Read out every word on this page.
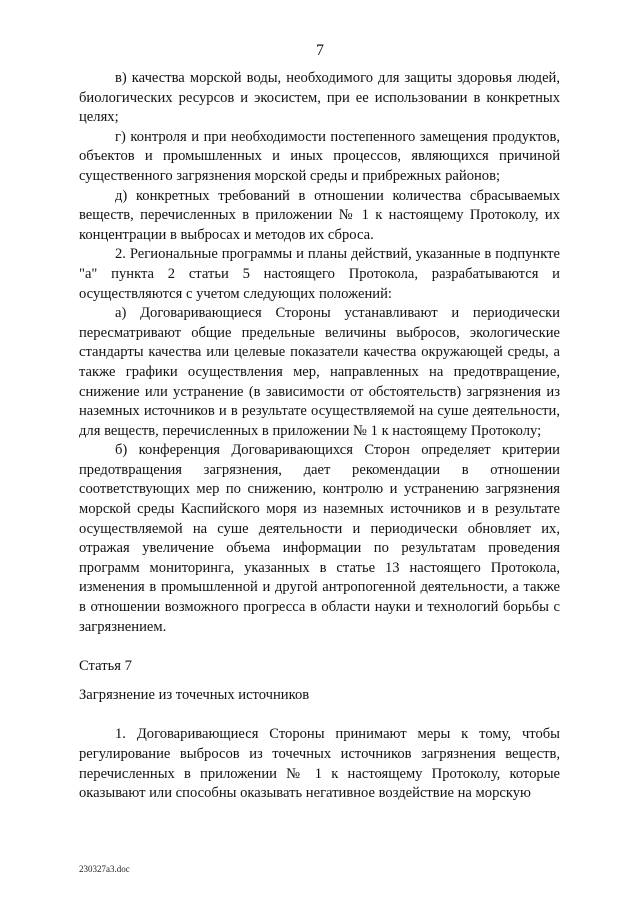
7

в) качества морской воды, необходимого для защиты здоровья людей, биологических ресурсов и экосистем, при ее использовании в конкретных целях;

г) контроля и при необходимости постепенного замещения продуктов, объектов и промышленных и иных процессов, являющихся причиной существенного загрязнения морской среды и прибрежных районов;

д) конкретных требований в отношении количества сбрасываемых веществ, перечисленных в приложении № 1 к настоящему Протоколу, их концентрации в выбросах и методов их сброса.

2. Региональные программы и планы действий, указанные в подпункте "а" пункта 2 статьи 5 настоящего Протокола, разрабатываются и осуществляются с учетом следующих положений:

а) Договаривающиеся Стороны устанавливают и периодически пересматривают общие предельные величины выбросов, экологические стандарты качества или целевые показатели качества окружающей среды, а также графики осуществления мер, направленных на предотвращение, снижение или устранение (в зависимости от обстоятельств) загрязнения из наземных источников и в результате осуществляемой на суше деятельности, для веществ, перечисленных в приложении № 1 к настоящему Протоколу;

б) конференция Договаривающихся Сторон определяет критерии предотвращения загрязнения, дает рекомендации в отношении соответствующих мер по снижению, контролю и устранению загрязнения морской среды Каспийского моря из наземных источников и в результате осуществляемой на суше деятельности и периодически обновляет их, отражая увеличение объема информации по результатам проведения программ мониторинга, указанных в статье 13 настоящего Протокола, изменения в промышленной и другой антропогенной деятельности, а также в отношении возможного прогресса в области науки и технологий борьбы с загрязнением.

Статья 7

Загрязнение из точечных источников

1. Договаривающиеся Стороны принимают меры к тому, чтобы регулирование выбросов из точечных источников загрязнения веществ, перечисленных в приложении № 1 к настоящему Протоколу, которые оказывают или способны оказывать негативное воздействие на морскую

230327a3.doc
